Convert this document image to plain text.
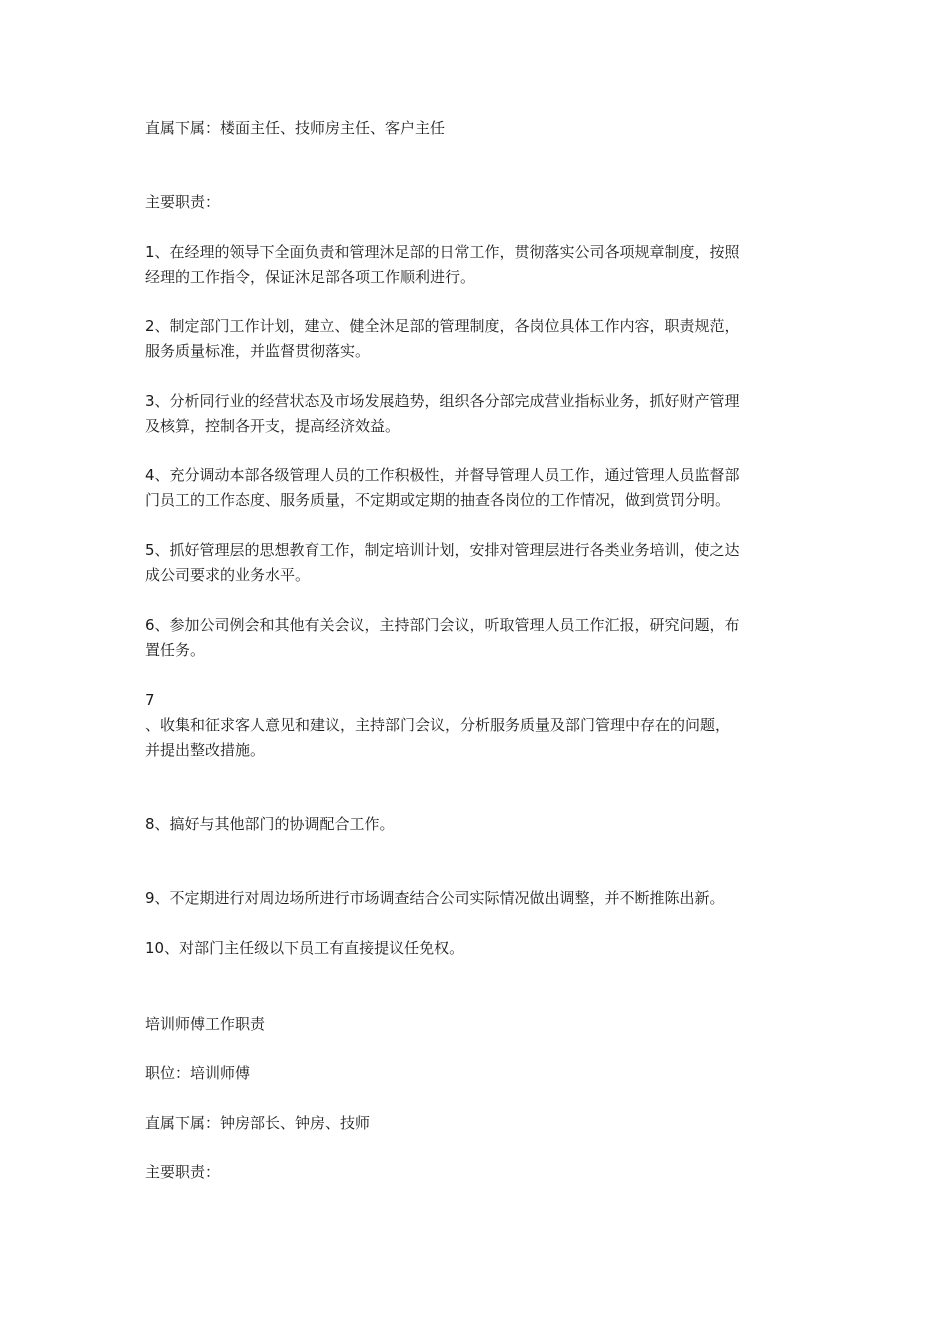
直属下属：楼面主任、技师房主任、客户主任
主要职责：
1、在经理的领导下全面负责和管理沐足部的日常工作，贯彻落实公司各项规章制度，按照
经理的工作指令，保证沐足部各项工作顺利进行。
2、制定部门工作计划，建立、健全沐足部的管理制度，各岗位具体工作内容，职责规范，
服务质量标准，并监督贯彻落实。
3、分析同行业的经营状态及市场发展趋势，组织各分部完成营业指标业务，抓好财产管理
及核算，控制各开支，提高经济效益。
4、充分调动本部各级管理人员的工作积极性，并督导管理人员工作，通过管理人员监督部
门员工的工作态度、服务质量，不定期或定期的抽查各岗位的工作情况，做到赏罚分明。
5、抓好管理层的思想教育工作，制定培训计划，安排对管理层进行各类业务培训，使之达
成公司要求的业务水平。
6、参加公司例会和其他有关会议，主持部门会议，听取管理人员工作汇报，研究问题，布
置任务。
7
、收集和征求客人意见和建议，主持部门会议，分析服务质量及部门管理中存在的问题，
并提出整改措施。
8、搞好与其他部门的协调配合工作。
9、不定期进行对周边场所进行市场调查结合公司实际情况做出调整，并不断推陈出新。
10、对部门主任级以下员工有直接提议任免权。
培训师傅工作职责
职位：培训师傅
直属下属：钟房部长、钟房、技师
主要职责：
